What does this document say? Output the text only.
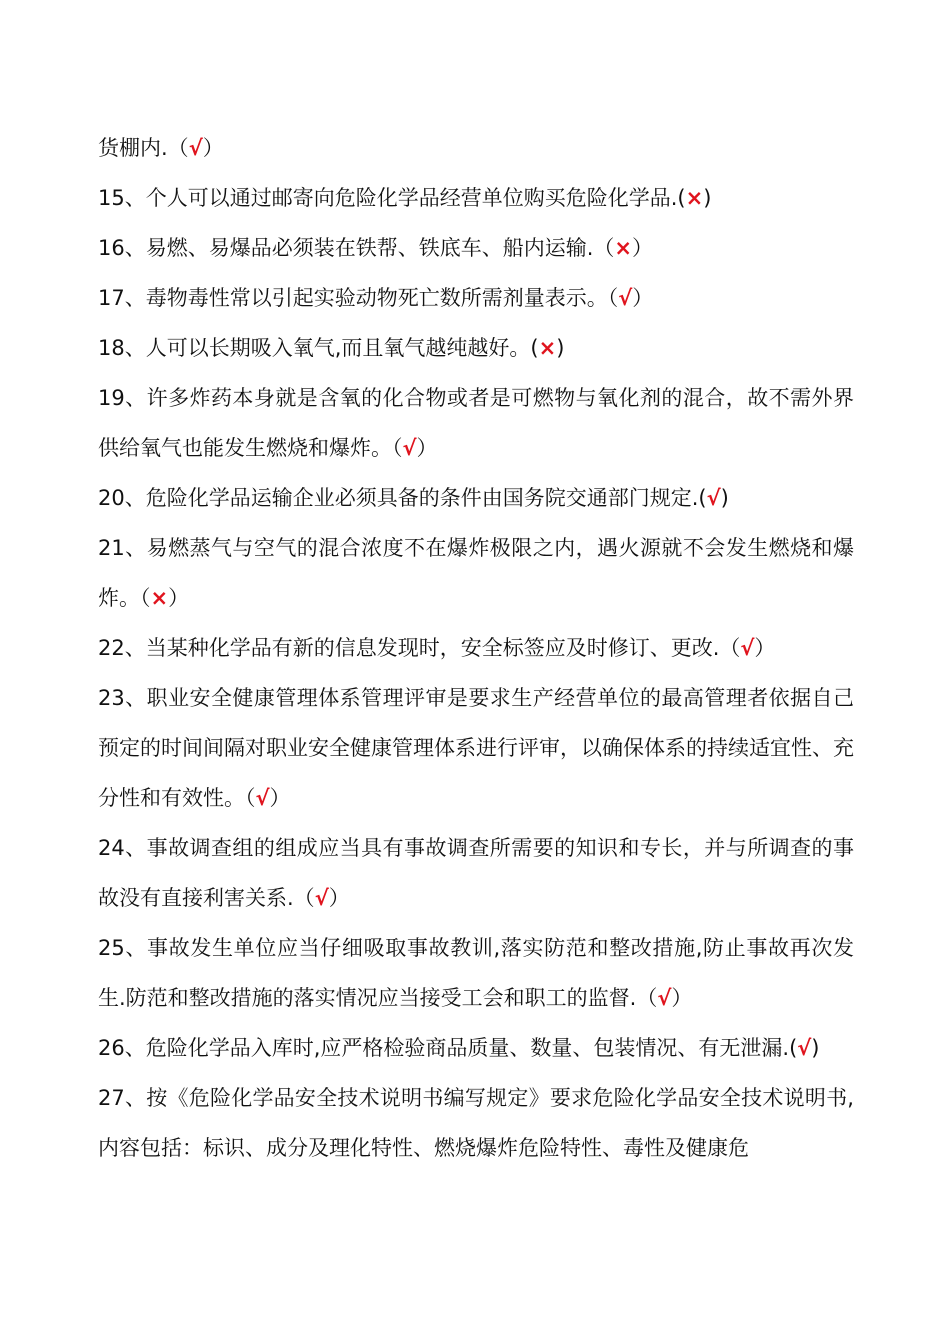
货棚内.（√）

15、个人可以通过邮寄向危险化学品经营单位购买危险化学品.(×)

16、易燃、易爆品必须装在铁帮、铁底车、船内运输.（×）

17、毒物毒性常以引起实验动物死亡数所需剂量表示。（√）

18、人可以长期吸入氧气,而且氧气越纯越好。(×)

19、许多炸药本身就是含氧的化合物或者是可燃物与氧化剂的混合，故不需外界供给氧气也能发生燃烧和爆炸。（√）

20、危险化学品运输企业必须具备的条件由国务院交通部门规定.(√)

21、易燃蒸气与空气的混合浓度不在爆炸极限之内，遇火源就不会发生燃烧和爆炸。（×）

22、当某种化学品有新的信息发现时，安全标签应及时修订、更改.（√）

23、职业安全健康管理体系管理评审是要求生产经营单位的最高管理者依据自己预定的时间间隔对职业安全健康管理体系进行评审，以确保体系的持续适宜性、充分性和有效性。（√）

24、事故调查组的组成应当具有事故调查所需要的知识和专长，并与所调查的事故没有直接利害关系.（√）

25、事故发生单位应当仔细吸取事故教训,落实防范和整改措施,防止事故再次发生.防范和整改措施的落实情况应当接受工会和职工的监督.（√）

26、危险化学品入库时,应严格检验商品质量、数量、包装情况、有无泄漏.(√)

27、按《危险化学品安全技术说明书编写规定》要求危险化学品安全技术说明书,内容包括：标识、成分及理化特性、燃烧爆炸危险特性、毒性及健康危
